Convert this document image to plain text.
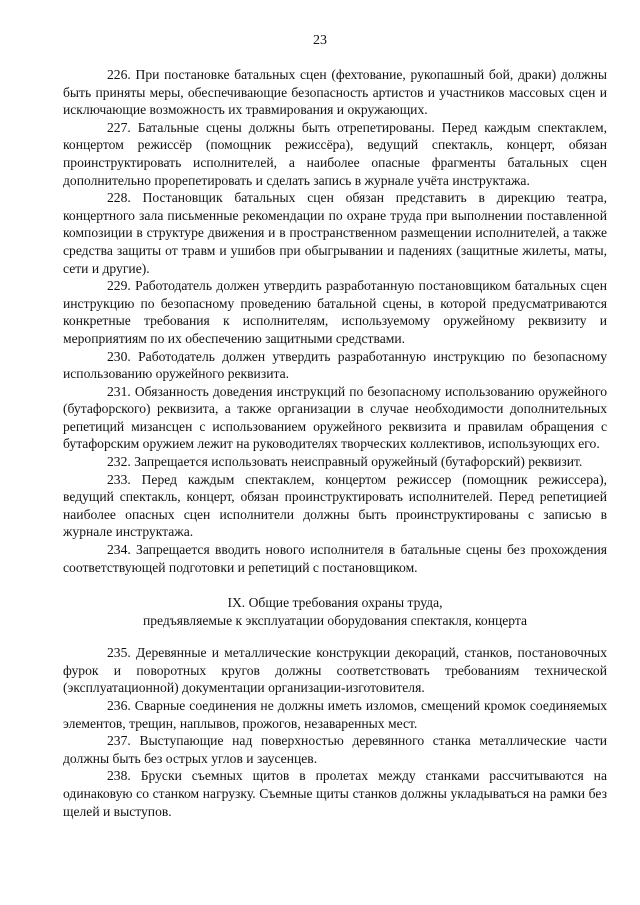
23

226. При постановке батальных сцен (фехтование, рукопашный бой, драки) должны быть приняты меры, обеспечивающие безопасность артистов и участников массовых сцен и исключающие возможность их травмирования и окружающих.

227. Батальные сцены должны быть отрепетированы. Перед каждым спектаклем, концертом режиссёр (помощник режиссёра), ведущий спектакль, концерт, обязан проинструктировать исполнителей, а наиболее опасные фрагменты батальных сцен дополнительно прорепетировать и сделать запись в журнале учёта инструктажа.

228. Постановщик батальных сцен обязан представить в дирекцию театра, концертного зала письменные рекомендации по охране труда при выполнении поставленной композиции в структуре движения и в пространственном размещении исполнителей, а также средства защиты от травм и ушибов при обыгрывании и падениях (защитные жилеты, маты, сети и другие).

229. Работодатель должен утвердить разработанную постановщиком батальных сцен инструкцию по безопасному проведению батальной сцены, в которой предусматриваются конкретные требования к исполнителям, используемому оружейному реквизиту и мероприятиям по их обеспечению защитными средствами.

230. Работодатель должен утвердить разработанную инструкцию по безопасному использованию оружейного реквизита.

231. Обязанность доведения инструкций по безопасному использованию оружейного (бутафорского) реквизита, а также организации в случае необходимости дополнительных репетиций мизансцен с использованием оружейного реквизита и правилам обращения с бутафорским оружием лежит на руководителях творческих коллективов, использующих его.

232. Запрещается использовать неисправный оружейный (бутафорский) реквизит.

233. Перед каждым спектаклем, концертом режиссер (помощник режиссера), ведущий спектакль, концерт, обязан проинструктировать исполнителей. Перед репетицией наиболее опасных сцен исполнители должны быть проинструктированы с записью в журнале инструктажа.

234. Запрещается вводить нового исполнителя в батальные сцены без прохождения соответствующей подготовки и репетиций с постановщиком.

IX. Общие требования охраны труда,

предъявляемые к эксплуатации оборудования спектакля, концерта

235. Деревянные и металлические конструкции декораций, станков, постановочных фурок и поворотных кругов должны соответствовать требованиям технической (эксплуатационной) документации организации-изготовителя.

236. Сварные соединения не должны иметь изломов, смещений кромок соединяемых элементов, трещин, наплывов, прожогов, незаваренных мест.

237. Выступающие над поверхностью деревянного станка металлические части должны быть без острых углов и заусенцев.

238. Бруски съемных щитов в пролетах между станками рассчитываются на одинаковую со станком нагрузку. Съемные щиты станков должны укладываться на рамки без щелей и выступов.
